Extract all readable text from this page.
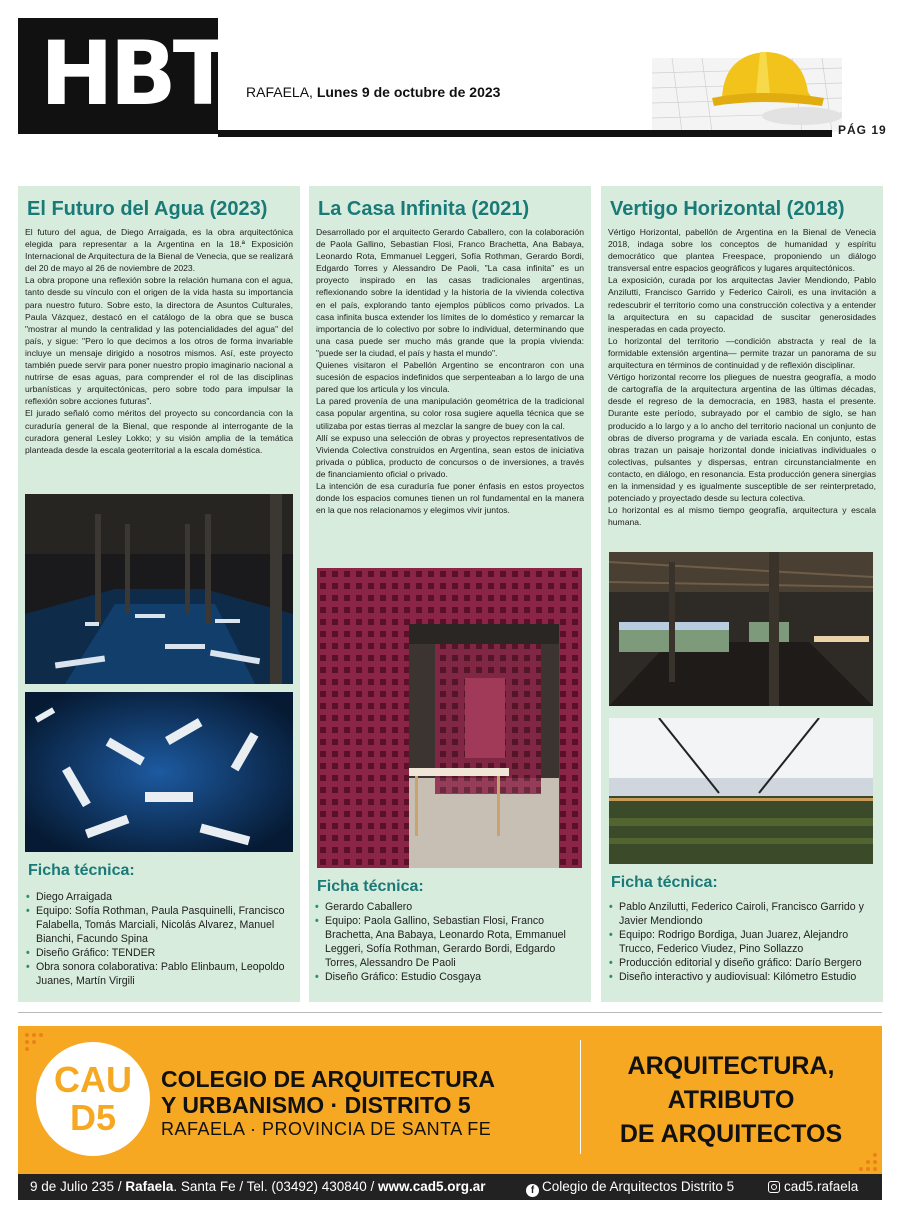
HBT RAFAELA, Lunes 9 de octubre de 2023
PÁG 19
El Futuro del Agua (2023)

El futuro del agua, de Diego Arraigada, es la obra arquitectónica elegida para representar a la Argentina en la 18.ª Exposición Internacional de Arquitectura de la Bienal de Venecia, que se realizará del 20 de mayo al 26 de noviembre de 2023.

La obra propone una reflexión sobre la relación humana con el agua, tanto desde su vínculo con el origen de la vida hasta su importancia para nuestro futuro. Sobre esto, la directora de Asuntos Culturales, Paula Vázquez, destacó en el catálogo de la obra que se busca "mostrar al mundo la centralidad y las potencialidades del agua" del país, y sigue: "Pero lo que decimos a los otros de forma invariable incluye un mensaje dirigido a nosotros mismos. Así, este proyecto también puede servir para poner nuestro propio imaginario nacional a nutrirse de esas aguas, para comprender el rol de las disciplinas urbanísticas y arquitectónicas, pero sobre todo para impulsar la reflexión sobre acciones futuras".

El jurado señaló como méritos del proyecto su concordancia con la curaduría general de la Bienal, que responde al interrogante de la curadora general Lesley Lokko; y su visión amplia de la temática planteada desde la escala geoterritorial a la escala doméstica.

Ficha técnica:
• Diego Arraigada
• Equipo: Sofía Rothman, Paula Pasquinelli, Francisco Falabella, Tomás Marciali, Nicolás Alvarez, Manuel Bianchi, Facundo Spina
• Diseño Gráfico: TENDER
• Obra sonora colaborativa: Pablo Elinbaum, Leopoldo Juanes, Martín Virgili
La Casa Infinita (2021)

Desarrollado por el arquitecto Gerardo Caballero, con la colaboración de Paola Gallino, Sebastian Flosi, Franco Brachetta, Ana Babaya, Leonardo Rota, Emmanuel Leggeri, Sofía Rothman, Gerardo Bordi, Edgardo Torres y Alessandro De Paoli, "La casa infinita" es un proyecto inspirado en las casas tradicionales argentinas, reflexionando sobre la identidad y la historia de la vivienda colectiva en el país, explorando tanto ejemplos públicos como privados. La casa infinita busca extender los límites de lo doméstico y remarcar la importancia de lo colectivo por sobre lo individual, determinando que una casa puede ser mucho más grande que la propia vivienda: "puede ser la ciudad, el país y hasta el mundo".

Quienes visitaron el Pabellón Argentino se encontraron con una sucesión de espacios indefinidos que serpenteaban a lo largo de una pared que los articula y los vincula.

La pared provenía de una manipulación geométrica de la tradicional casa popular argentina, su color rosa sugiere aquella técnica que se utilizaba por estas tierras al mezclar la sangre de buey con la cal.

Allí se expuso una selección de obras y proyectos representativos de Vivienda Colectiva construidos en Argentina, sean estos de iniciativa privada o pública, producto de concursos o de inversiones, a través de financiamiento oficial o privado.

La intención de esa curaduría fue poner énfasis en estos proyectos donde los espacios comunes tienen un rol fundamental en la manera en la que nos relacionamos y elegimos vivir juntos.

Ficha técnica:
• Gerardo Caballero
• Equipo: Paola Gallino, Sebastian Flosi, Franco Brachetta, Ana Babaya, Leonardo Rota, Emmanuel Leggeri, Sofía Rothman, Gerardo Bordi, Edgardo Torres, Alessandro De Paoli
• Diseño Gráfico: Estudio Cosgaya
Vertigo Horizontal (2018)

Vértigo Horizontal, pabellón de Argentina en la Bienal de Venecia 2018, indaga sobre los conceptos de humanidad y espíritu democrático que plantea Freespace, proponiendo un diálogo transversal entre espacios geográficos y lugares arquitectónicos.

La exposición, curada por los arquitectas Javier Mendiondo, Pablo Anzilutti, Francisco Garrido y Federico Cairoli, es una invitación a redescubrir el territorio como una construcción colectiva y a entender la arquitectura en su capacidad de suscitar generosidades inesperadas en cada proyecto.

Lo horizontal del territorio —condición abstracta y real de la formidable extensión argentina— permite trazar un panorama de su arquitectura en términos de continuidad y de reflexión disciplinar.

Vértigo horizontal recorre los pliegues de nuestra geografía, a modo de cartografía de la arquitectura argentina de las últimas décadas, desde el regreso de la democracia, en 1983, hasta el presente. Durante este período, subrayado por el cambio de siglo, se han producido a lo largo y a lo ancho del territorio nacional un conjunto de obras de diverso programa y de variada escala. En conjunto, estas obras trazan un paisaje horizontal donde iniciativas individuales o colectivas, pulsantes y dispersas, entran circunstancialmente en contacto, en diálogo, en resonancia. Esta producción genera sinergias en la inmensidad y es igualmente susceptible de ser reinterpretado, potenciado y proyectado desde su lectura colectiva.

Lo horizontal es al mismo tiempo geografía, arquitectura y escala humana.

Ficha técnica:
• Pablo Anzilutti, Federico Cairoli, Francisco Garrido y Javier Mendiondo
• Equipo: Rodrigo Bordiga, Juan Juarez, Alejandro Trucco, Federico Viudez, Pino Sollazzo
• Producción editorial y diseño gráfico: Darío Bergero
• Diseño interactivo y audiovisual: Kilómetro Estudio
CAU
D5
COLEGIO DE ARQUITECTURA
Y URBANISMO · DISTRITO 5
RAFAELA · PROVINCIA DE SANTA FE
ARQUITECTURA,
ATRIBUTO
DE ARQUITECTOS
9 de Julio 235 / Rafaela. Santa Fe / Tel. (03492) 430840 / www.cad5.org.ar	f Colegio de Arquitectos Distrito 5	cad5.rafaela
